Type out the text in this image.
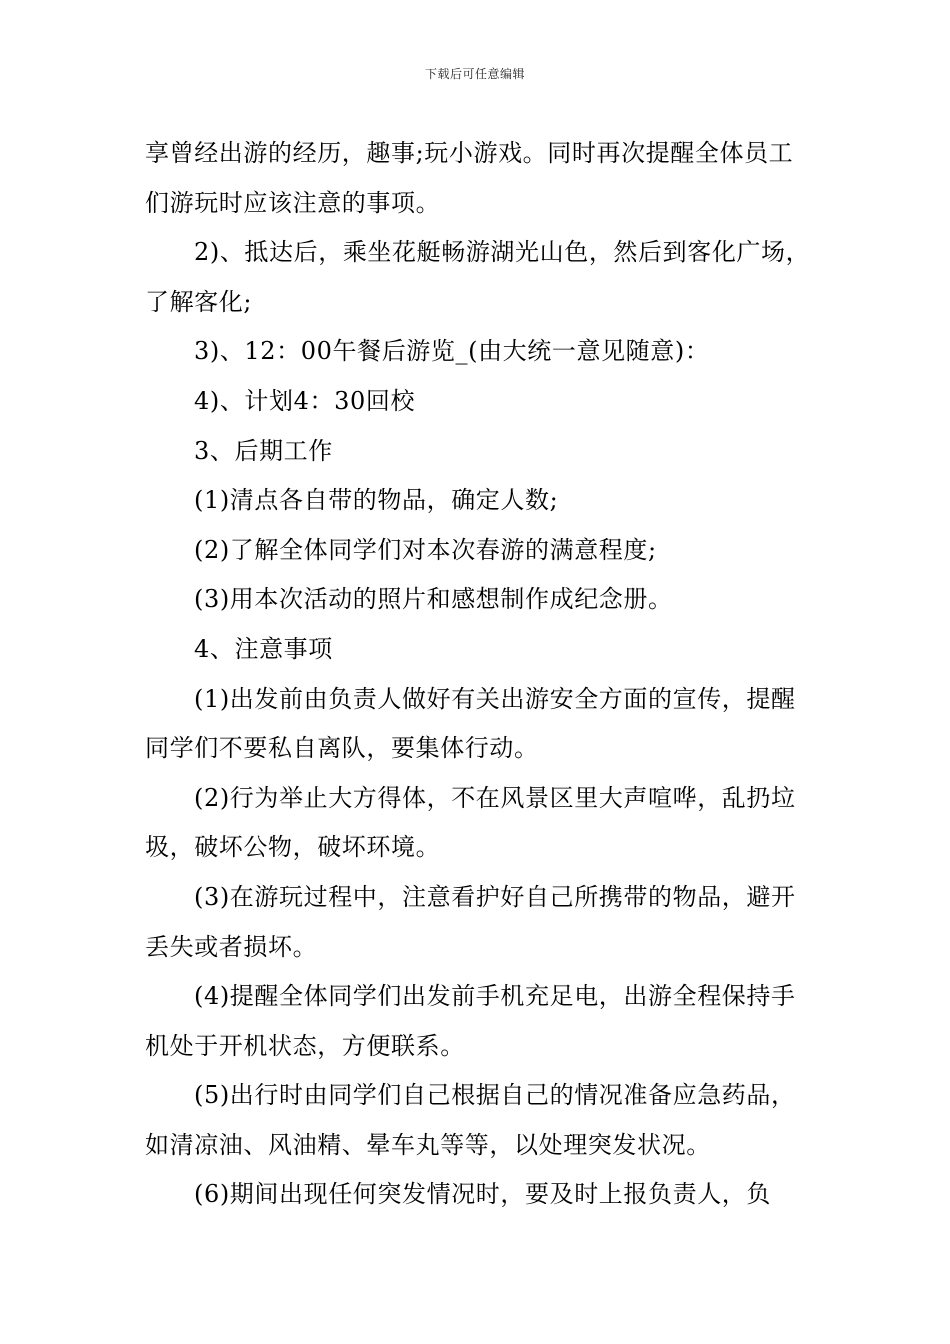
下载后可任意编辑

享曾经出游的经历，趣事;玩小游戏。同时再次提醒全体员工们游玩时应该注意的事项。

2)、抵达后，乘坐花艇畅游湖光山色，然后到客化广场，了解客化;

3)、12：00午餐后游览_(由大统一意见随意)：

4)、计划4：30回校

3、后期工作

(1)清点各自带的物品，确定人数;

(2)了解全体同学们对本次春游的满意程度;

(3)用本次活动的照片和感想制作成纪念册。

4、注意事项

(1)出发前由负责人做好有关出游安全方面的宣传，提醒同学们不要私自离队，要集体行动。

(2)行为举止大方得体，不在风景区里大声喧哗，乱扔垃圾，破坏公物，破坏环境。

(3)在游玩过程中，注意看护好自己所携带的物品，避开丢失或者损坏。

(4)提醒全体同学们出发前手机充足电，出游全程保持手机处于开机状态，方便联系。

(5)出行时由同学们自己根据自己的情况准备应急药品，如清凉油、风油精、晕车丸等等，以处理突发状况。

(6)期间出现任何突发情况时，要及时上报负责人，负
